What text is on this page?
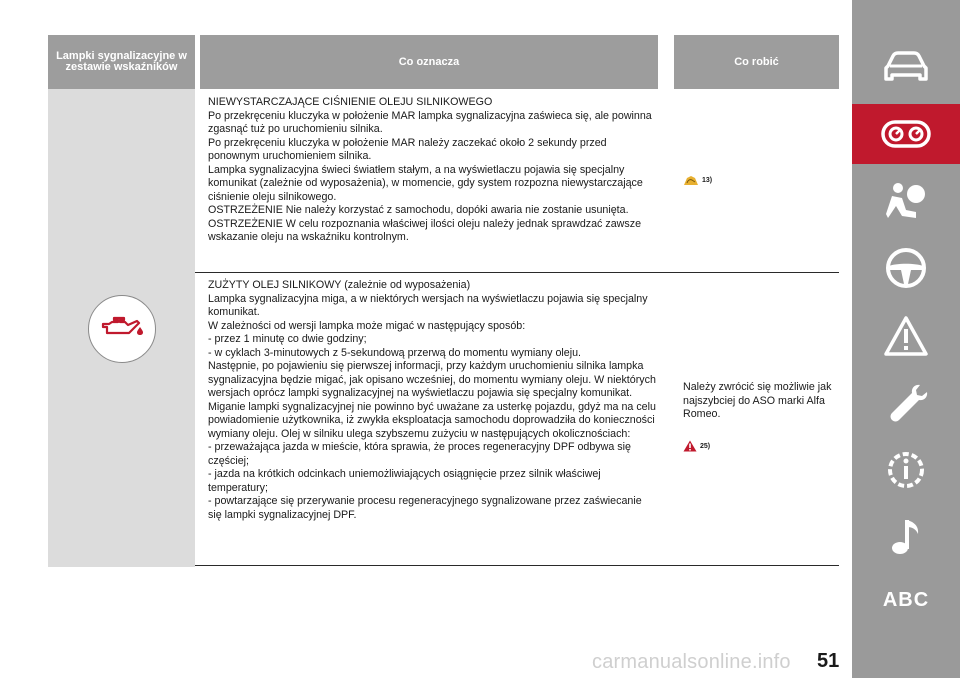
Lampki sygnalizacyjne w zestawie wskaźników	Co oznacza	Co robić

NIEWYSTARCZAJĄCE CIŚNIENIE OLEJU SILNIKOWEGO

Po przekręceniu kluczyka w położenie MAR lampka sygnalizacyjna zaświeca się, ale powinna zgasnąć tuż po uruchomieniu silnika.

Po przekręceniu kluczyka w położenie MAR należy zaczekać około 2 sekundy przed ponownym uruchomieniem silnika.

Lampka sygnalizacyjna świeci światłem stałym, a na wyświetlaczu pojawia się specjalny komunikat (zależnie od wyposażenia), w momencie, gdy system rozpozna niewystarczające ciśnienie oleju silnikowego.

OSTRZEŻENIE Nie należy korzystać z samochodu, dopóki awaria nie zostanie usunięta.

OSTRZEŻENIE W celu rozpoznania właściwej ilości oleju należy jednak sprawdzać zawsze wskazanie oleju na wskaźniku kontrolnym.

13)

ZUŻYTY OLEJ SILNIKOWY (zależnie od wyposażenia)

Lampka sygnalizacyjna miga, a w niektórych wersjach na wyświetlaczu pojawia się specjalny komunikat.

W zależności od wersji lampka może migać w następujący sposób:

- przez 1 minutę co dwie godziny;

- w cyklach 3-minutowych z 5-sekundową przerwą do momentu wymiany oleju.

Następnie, po pojawieniu się pierwszej informacji, przy każdym uruchomieniu silnika lampka sygnalizacyjna będzie migać, jak opisano wcześniej, do momentu wymiany oleju. W niektórych wersjach oprócz lampki sygnalizacyjnej na wyświetlaczu pojawia się specjalny komunikat. Miganie lampki sygnalizacyjnej nie powinno być uważane za usterkę pojazdu, gdyż ma na celu powiadomienie użytkownika, iż zwykła eksploatacja samochodu doprowadziła do konieczności wymiany oleju. Olej w silniku ulega szybszemu zużyciu w następujących okolicznościach:

- przeważająca jazda w mieście, która sprawia, że proces regeneracyjny DPF odbywa się częściej;

- jazda na krótkich odcinkach uniemożliwiających osiągnięcie przez silnik właściwej temperatury;

- powtarzające się przerywanie procesu regeneracyjnego sygnalizowane przez zaświecanie się lampki sygnalizacyjnej DPF.

Należy zwrócić się możliwie jak najszybciej do ASO marki Alfa Romeo.
25)
carmanualsonline.info 51
ABC
